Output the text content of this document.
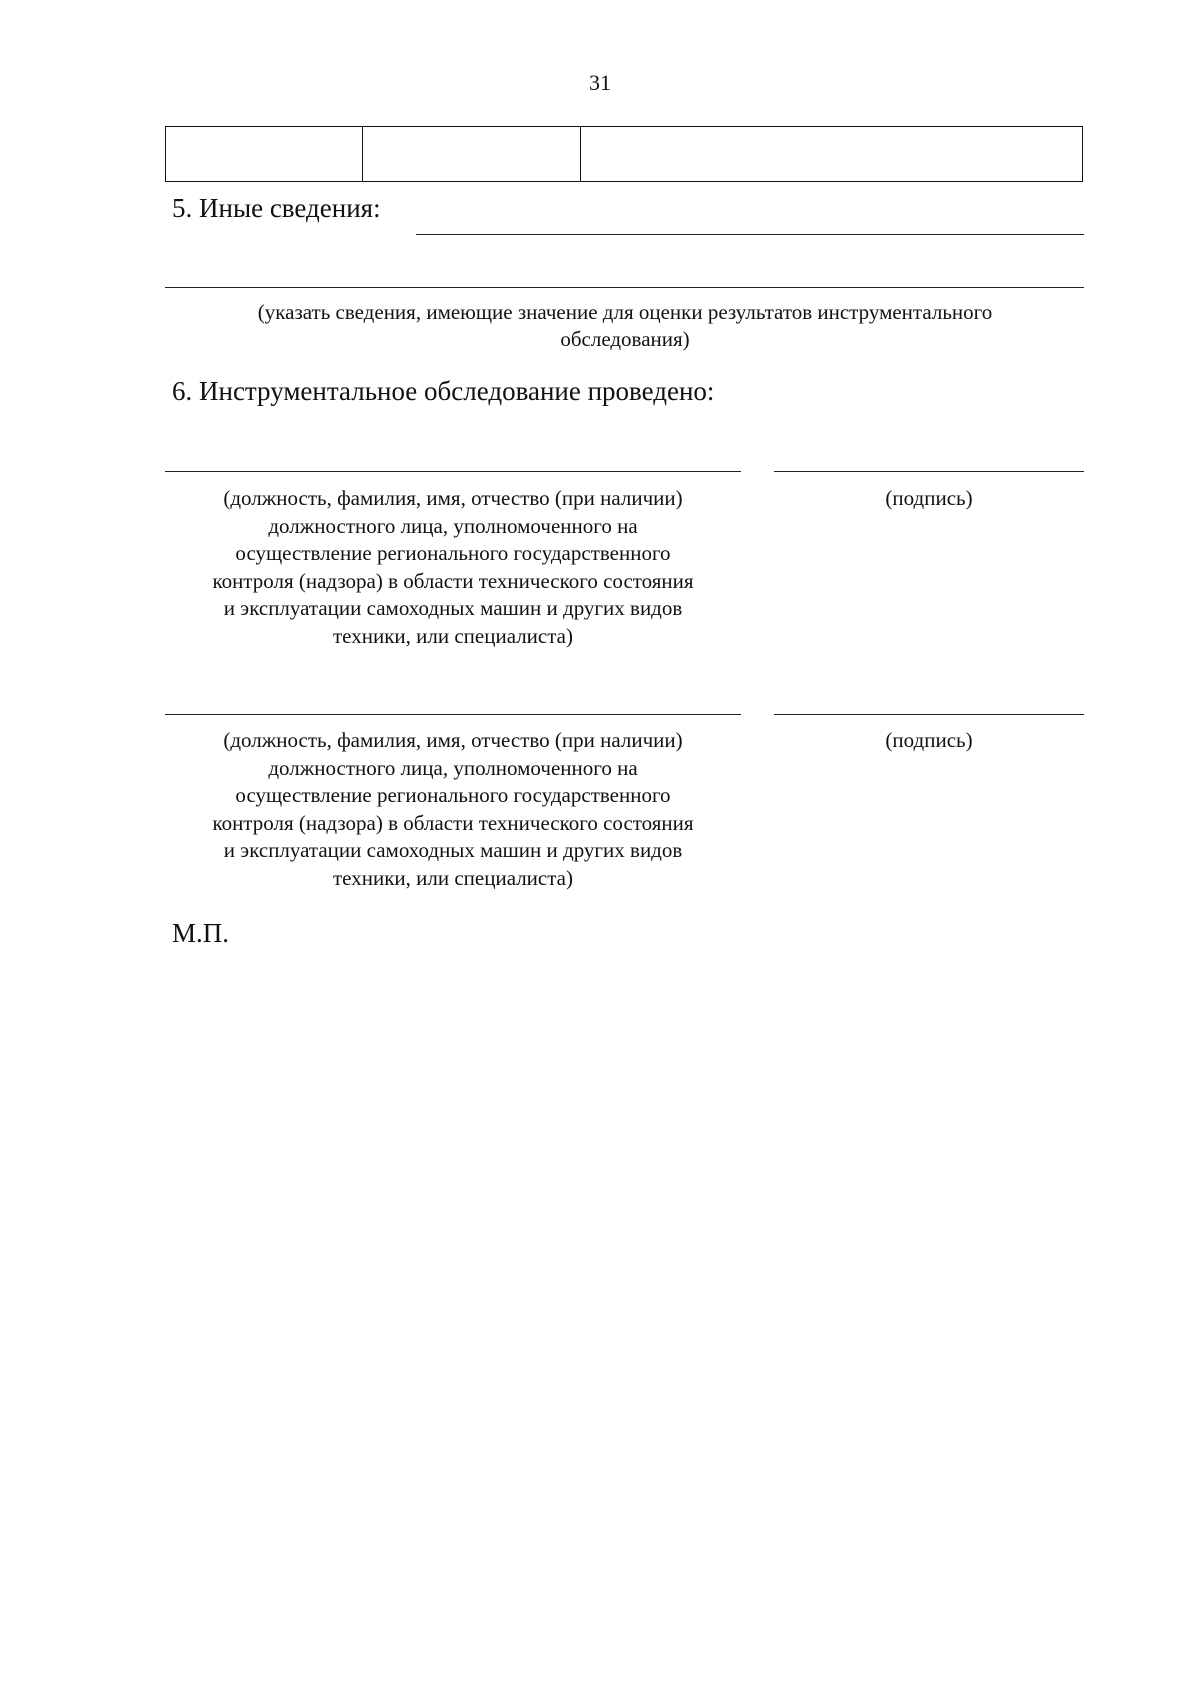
31
5. Иные сведения:
(указать сведения, имеющие значение для оценки результатов инструментального
обследования)
6. Инструментальное обследование проведено:
(должность, фамилия, имя, отчество (при наличии)
должностного лица, уполномоченного на
осуществление регионального государственного
контроля (надзора) в области технического состояния
и эксплуатации самоходных машин и других видов
техники, или специалиста)
(подпись)
(должность, фамилия, имя, отчество (при наличии)
должностного лица, уполномоченного на
осуществление регионального государственного
контроля (надзора) в области технического состояния
и эксплуатации самоходных машин и других видов
техники, или специалиста)
(подпись)
М.П.
